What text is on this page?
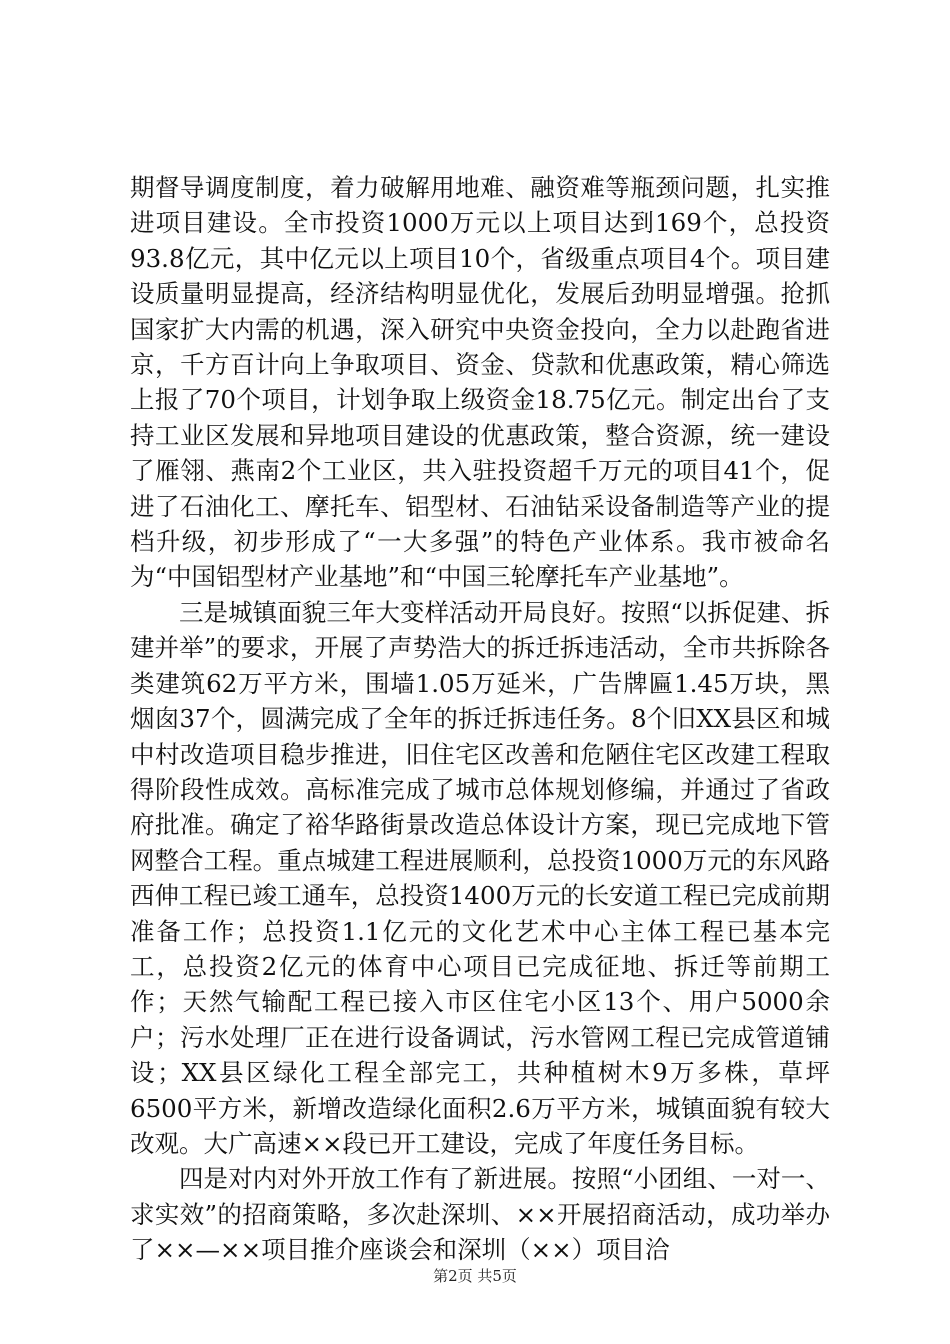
期督导调度制度，着力破解用地难、融资难等瓶颈问题，扎实推进项目建设。全市投资1000万元以上项目达到169个，总投资93.8亿元，其中亿元以上项目10个，省级重点项目4个。项目建设质量明显提高，经济结构明显优化，发展后劲明显增强。抢抓国家扩大内需的机遇，深入研究中央资金投向，全力以赴跑省进京，千方百计向上争取项目、资金、贷款和优惠政策，精心筛选上报了70个项目，计划争取上级资金18.75亿元。制定出台了支持工业区发展和异地项目建设的优惠政策，整合资源，统一建设了雁翎、燕南2个工业区，共入驻投资超千万元的项目41个，促进了石油化工、摩托车、铝型材、石油钻采设备制造等产业的提档升级，初步形成了“一大多强”的特色产业体系。我市被命名为“中国铝型材产业基地”和“中国三轮摩托车产业基地”。

三是城镇面貌三年大变样活动开局良好。按照“以拆促建、拆建并举”的要求，开展了声势浩大的拆迁拆违活动，全市共拆除各类建筑62万平方米，围墙1.05万延米，广告牌匾1.45万块，黑烟囱37个，圆满完成了全年的拆迁拆违任务。8个旧XX县区和城中村改造项目稳步推进，旧住宅区改善和危陋住宅区改建工程取得阶段性成效。高标准完成了城市总体规划修编，并通过了省政府批准。确定了裕华路街景改造总体设计方案，现已完成地下管网整合工程。重点城建工程进展顺利，总投资1000万元的东风路西伸工程已竣工通车，总投资1400万元的长安道工程已完成前期准备工作；总投资1.1亿元的文化艺术中心主体工程已基本完工，总投资2亿元的体育中心项目已完成征地、拆迁等前期工作；天然气输配工程已接入市区住宅小区13个、用户5000余户；污水处理厂正在进行设备调试，污水管网工程已完成管道铺设；XX县区绿化工程全部完工，共种植树木9万多株，草坪6500平方米，新增改造绿化面积2.6万平方米，城镇面貌有较大改观。大广高速××段已开工建设，完成了年度任务目标。

四是对内对外开放工作有了新进展。按照“小团组、一对一、求实效”的招商策略，多次赴深圳、××开展招商活动，成功举办了××—××项目推介座谈会和深圳（××）项目洽

第2页 共5页
